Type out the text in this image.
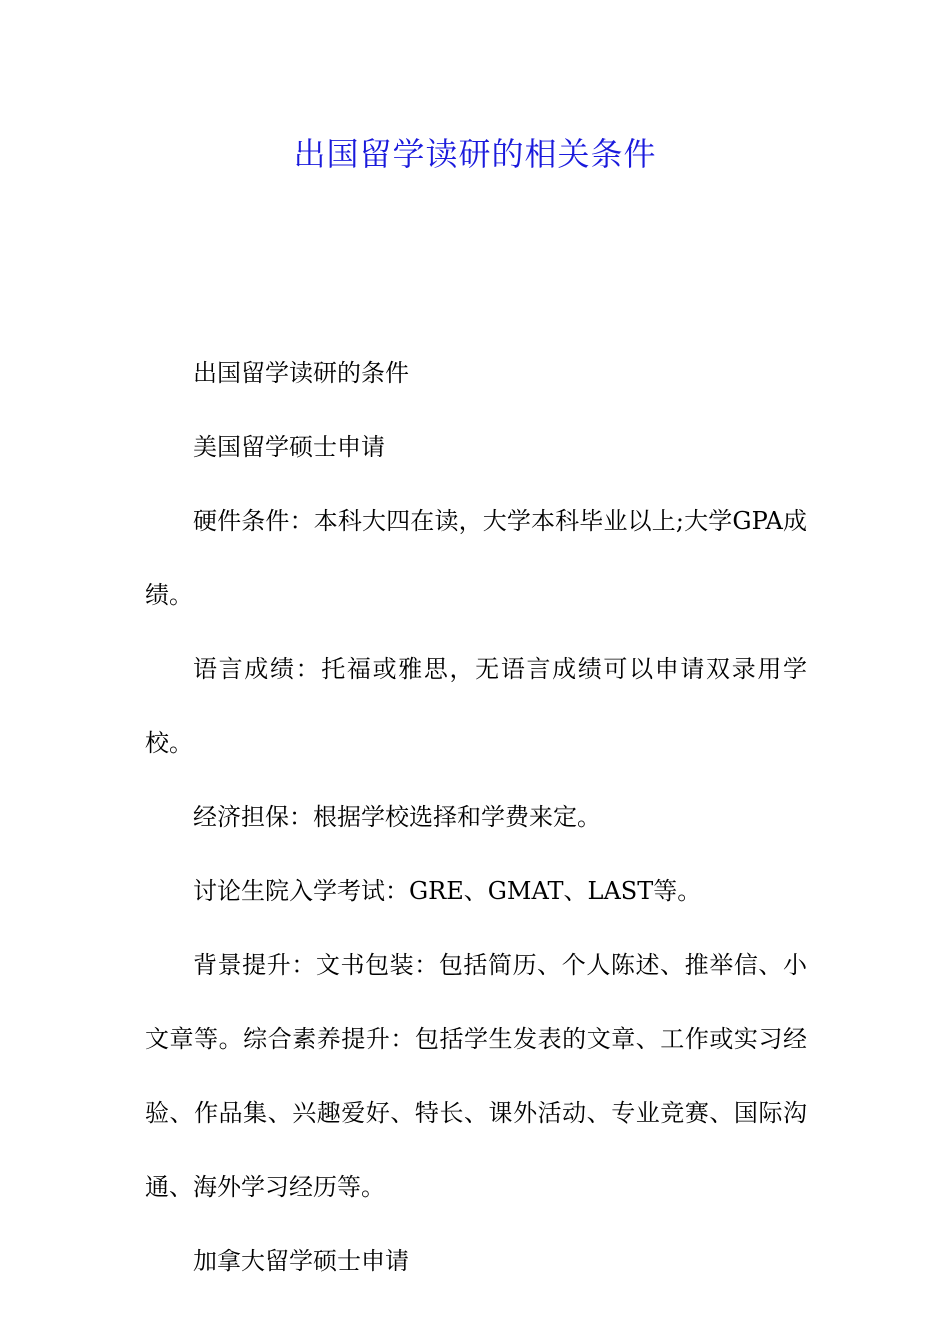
出国留学读研的相关条件

出国留学读研的条件

美国留学硕士申请

硬件条件：本科大四在读，大学本科毕业以上;大学GPA成绩。

语言成绩：托福或雅思，无语言成绩可以申请双录用学校。

经济担保：根据学校选择和学费来定。

讨论生院入学考试：GRE、GMAT、LAST等。

背景提升：文书包装：包括简历、个人陈述、推举信、小文章等。综合素养提升：包括学生发表的文章、工作或实习经验、作品集、兴趣爱好、特长、课外活动、专业竞赛、国际沟通、海外学习经历等。

加拿大留学硕士申请
